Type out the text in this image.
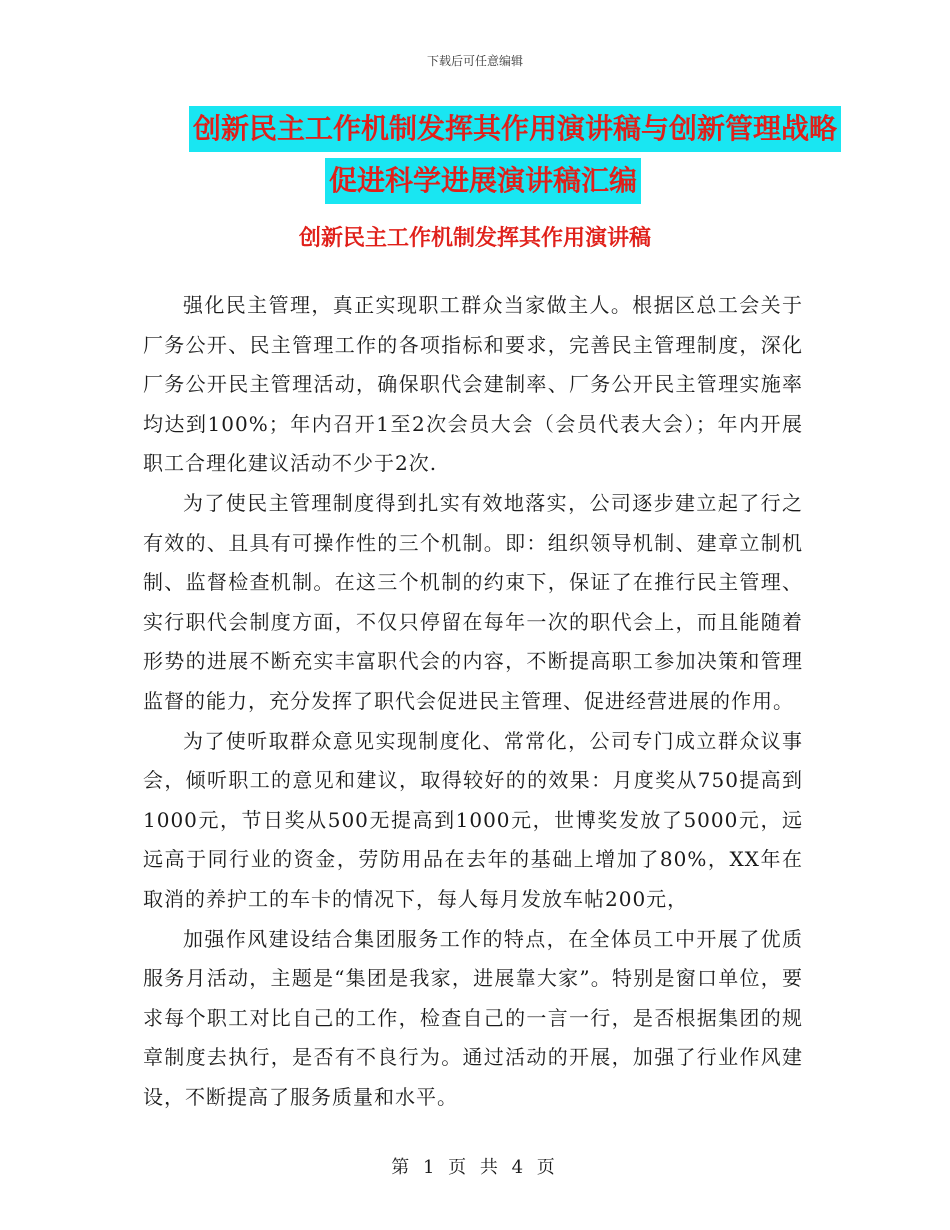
下载后可任意编辑
创新民主工作机制发挥其作用演讲稿与创新管理战略
促进科学进展演讲稿汇编
创新民主工作机制发挥其作用演讲稿

强化民主管理，真正实现职工群众当家做主人。根据区总工会关于厂务公开、民主管理工作的各项指标和要求，完善民主管理制度，深化厂务公开民主管理活动，确保职代会建制率、厂务公开民主管理实施率均达到100%；年内召开1至2次会员大会（会员代表大会）；年内开展职工合理化建议活动不少于2次.

为了使民主管理制度得到扎实有效地落实，公司逐步建立起了行之有效的、且具有可操作性的三个机制。即：组织领导机制、建章立制机制、监督检查机制。在这三个机制的约束下，保证了在推行民主管理、实行职代会制度方面，不仅只停留在每年一次的职代会上，而且能随着形势的进展不断充实丰富职代会的内容，不断提高职工参加决策和管理监督的能力，充分发挥了职代会促进民主管理、促进经营进展的作用。

为了使听取群众意见实现制度化、常常化，公司专门成立群众议事会，倾听职工的意见和建议，取得较好的的效果：月度奖从750提高到1000元，节日奖从500无提高到1000元，世博奖发放了5000元，远远高于同行业的资金，劳防用品在去年的基础上增加了80%，XX年在取消的养护工的车卡的情况下，每人每月发放车帖200元，

加强作风建设结合集团服务工作的特点，在全体员工中开展了优质服务月活动，主题是“集团是我家，进展靠大家”。特别是窗口单位，要求每个职工对比自己的工作，检查自己的一言一行，是否根据集团的规章制度去执行，是否有不良行为。通过活动的开展，加强了行业作风建设，不断提高了服务质量和水平。

第 1 页 共 4 页
